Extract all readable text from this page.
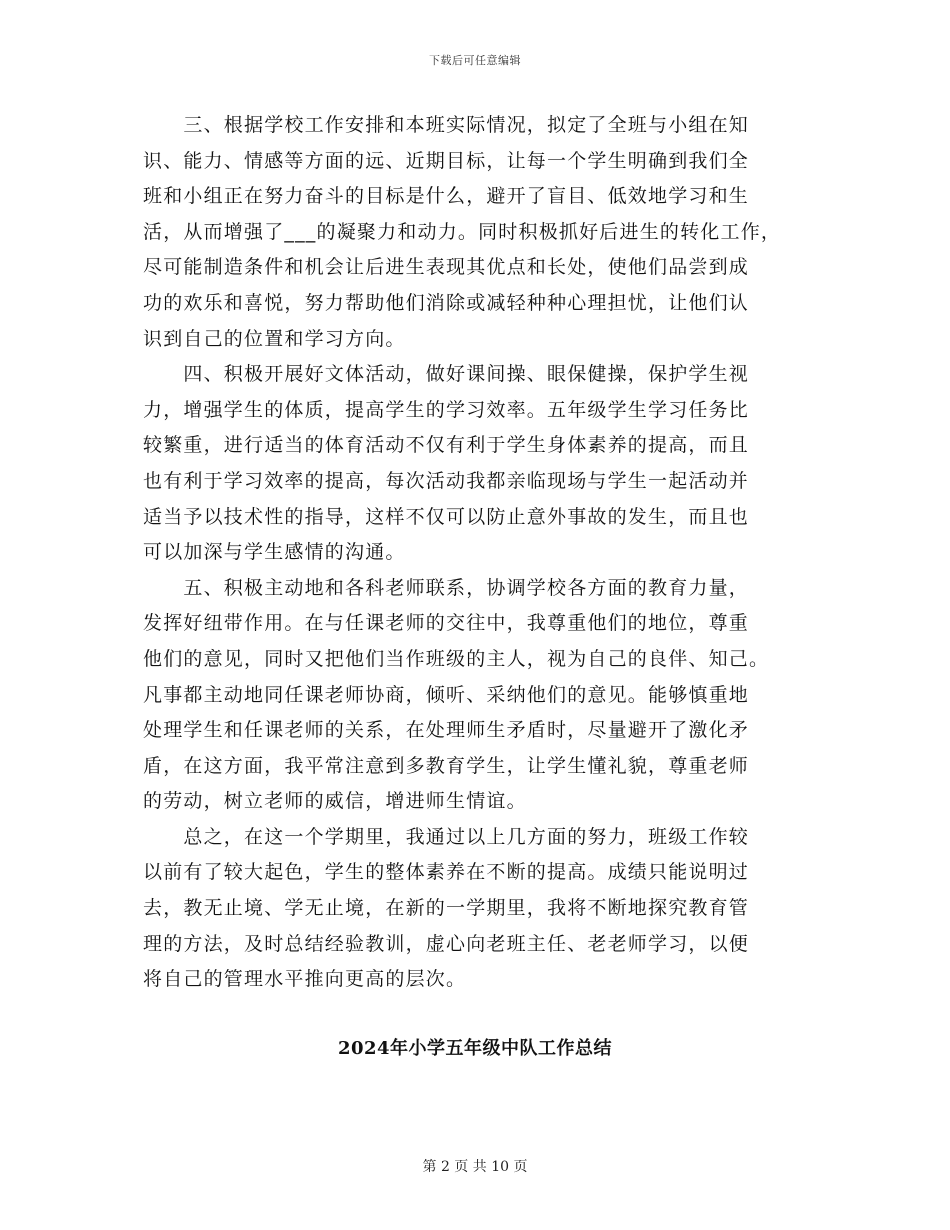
下载后可任意编辑
　　三、根据学校工作安排和本班实际情况，拟定了全班与小组在知
识、能力、情感等方面的远、近期目标，让每一个学生明确到我们全
班和小组正在努力奋斗的目标是什么，避开了盲目、低效地学习和生
活，从而增强了___的凝聚力和动力。同时积极抓好后进生的转化工作，
尽可能制造条件和机会让后进生表现其优点和长处，使他们品尝到成
功的欢乐和喜悦，努力帮助他们消除或减轻种种心理担忧，让他们认
识到自己的位置和学习方向。
　　四、积极开展好文体活动，做好课间操、眼保健操，保护学生视
力，增强学生的体质，提高学生的学习效率。五年级学生学习任务比
较繁重，进行适当的体育活动不仅有利于学生身体素养的提高，而且
也有利于学习效率的提高，每次活动我都亲临现场与学生一起活动并
适当予以技术性的指导，这样不仅可以防止意外事故的发生，而且也
可以加深与学生感情的沟通。
　　五、积极主动地和各科老师联系，协调学校各方面的教育力量，
发挥好纽带作用。在与任课老师的交往中，我尊重他们的地位，尊重
他们的意见，同时又把他们当作班级的主人，视为自己的良伴、知己。
凡事都主动地同任课老师协商，倾听、采纳他们的意见。能够慎重地
处理学生和任课老师的关系，在处理师生矛盾时，尽量避开了激化矛
盾，在这方面，我平常注意到多教育学生，让学生懂礼貌，尊重老师
的劳动，树立老师的威信，增进师生情谊。
　　总之，在这一个学期里，我通过以上几方面的努力，班级工作较
以前有了较大起色，学生的整体素养在不断的提高。成绩只能说明过
去，教无止境、学无止境，在新的一学期里，我将不断地探究教育管
理的方法，及时总结经验教训，虚心向老班主任、老老师学习，以便
将自己的管理水平推向更高的层次。
2024年小学五年级中队工作总结
第 2 页 共 10 页
